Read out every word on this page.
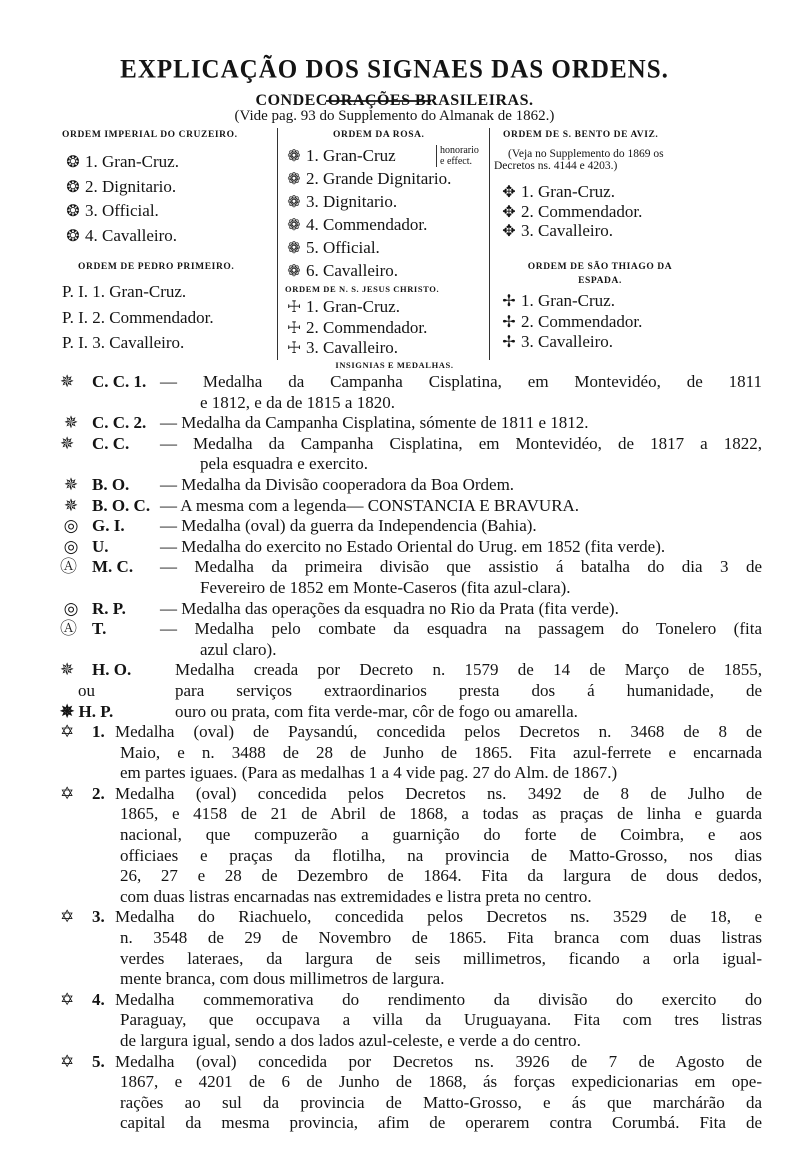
EXPLICAÇÃO DOS SIGNAES DAS ORDENS.
CONDECORAÇÕES BRASILEIRAS.
(Vide pag. 93 do Supplemento do Almanak de 1862.)
ORDEM IMPERIAL DO CRUZEIRO.
❂ 1. Gran-Cruz.
❂ 2. Dignitario.
❂ 3. Official.
❂ 4. Cavalleiro.
ORDEM DE PEDRO PRIMEIRO.
P. I. 1. Gran-Cruz.
P. I. 2. Commendador.
P. I. 3. Cavalleiro.
ORDEM DA ROSA.
❁ 1. Gran-Cruz	honorario
e effect.
❁ 2. Grande Dignitario.
❁ 3. Dignitario.
❁ 4. Commendador.
❁ 5. Official.
❁ 6. Cavalleiro.
ORDEM DE N. S. JESUS CHRISTO.
☩ 1. Gran-Cruz.
☩ 2. Commendador.
☩ 3. Cavalleiro.
ORDEM DE S. BENTO DE AVIZ.
(Veja no Supplemento do 1869 os
Decretos ns. 4144 e 4203.)
✥ 1. Gran-Cruz.
✥ 2. Commendador.
✥ 3. Cavalleiro.
ORDEM DE SÃO THIAGO DA
ESPADA.
✢ 1. Gran-Cruz.
✢ 2. Commendador.
✢ 3. Cavalleiro.
INSIGNIAS E MEDALHAS.
✵	C. C. 1. — Medalha da Campanha Cisplatina, em Montevidéo, de 1811
e 1812, e da de 1815 a 1820.
✵ C. C. 2. — Medalha da Campanha Cisplatina, sómente de 1811 e 1812.
✵	C. C. — Medalha da Campanha Cisplatina, em Montevidéo, de 1817 a 1822,
pela esquadra e exercito.
✵ B. O. — Medalha da Divisão cooperadora da Boa Ordem.
✵ B. O. C. — A mesma com a legenda— CONSTANCIA E BRAVURA.
◎ G. I. — Medalha (oval) da guerra da Independencia (Bahia).
◎ U.	— Medalha do exercito no Estado Oriental do Urug. em 1852 (fita verde).
Ⓐ M. C. — Medalha da primeira divisão que assistio á batalha do dia 3 de
Fevereiro de 1852 em Monte-Caseros (fita azul-clara).
◎ R. P. — Medalha das operações da esquadra no Rio da Prata (fita verde).
Ⓐ T.	— Medalha pelo combate da esquadra na passagem do Tonelero (fita
azul claro).
✵	H. O.	Medalha creada por Decreto n. 1579 de 14 de Março de 1855,
ou	para serviços extraordinarios presta dos á humanidade, de
✵ H. P.	ouro ou prata, com fita verde-mar, côr de fogo ou amarella.
✡	1. Medalha (oval) de Paysandú, concedida pelos Decretos n. 3468 de 8 de
Maio, e n. 3488 de 28 de Junho de 1865. Fita azul-ferrete e encarnada
em partes iguaes. (Para as medalhas 1 a 4 vide pag. 27 do Alm. de 1867.)
✡	2. Medalha (oval) concedida pelos Decretos ns. 3492 de 8 de Julho de
1865, e 4158 de 21 de Abril de 1868, a todas as praças de linha e guarda
nacional, que compuzerão a guarnição do forte de Coimbra, e aos
officiaes e praças da flotilha, na provincia de Matto-Grosso, nos dias
26, 27 e 28 de Dezembro de 1864. Fita da largura de dous dedos,
com duas listras encarnadas nas extremidades e listra preta no centro.
✡	3. Medalha do Riachuelo, concedida pelos Decretos ns. 3529 de 18, e
n. 3548 de 29 de Novembro de 1865. Fita branca com duas listras
verdes lateraes, da largura de seis millimetros, ficando a orla igual-
mente branca, com dous millimetros de largura.
✡	4. Medalha commemorativa do rendimento da divisão do exercito do
Paraguay, que occupava a villa da Uruguayana. Fita com tres listras
de largura igual, sendo a dos lados azul-celeste, e verde a do centro.
✡	5. Medalha (oval) concedida por Decretos ns. 3926 de 7 de Agosto de
1867, e 4201 de 6 de Junho de 1868, ás forças expedicionarias em ope-
rações ao sul da provincia de Matto-Grosso, e ás que marchárão da
capital da mesma provincia, afim de operarem contra Corumbá. Fita de
